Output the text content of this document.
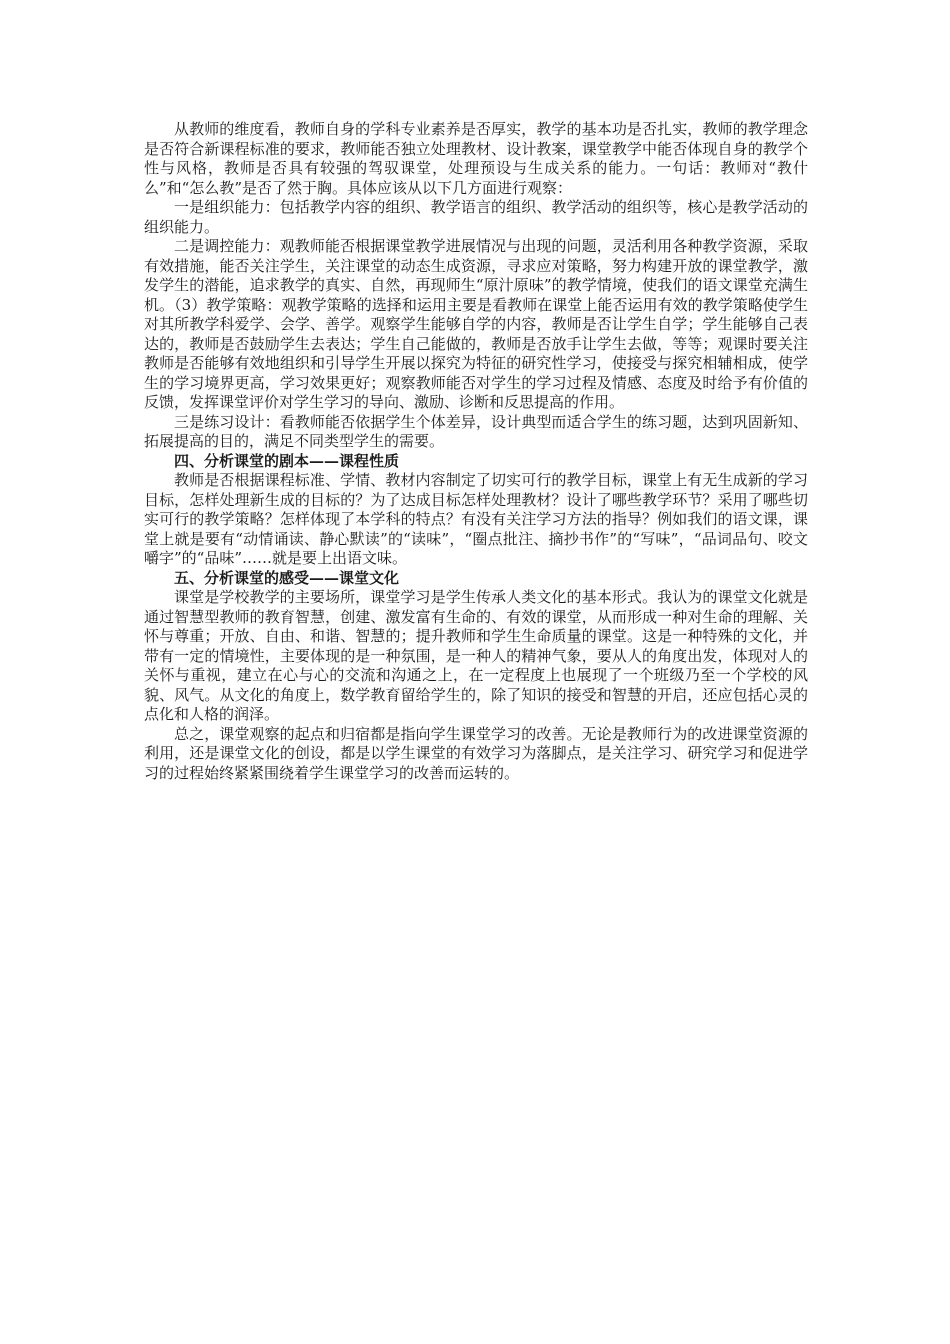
从教师的维度看，教师自身的学科专业素养是否厚实，教学的基本功是否扎实，教师的教学理念是否符合新课程标准的要求，教师能否独立处理教材、设计教案，课堂教学中能否体现自身的教学个性与风格，教师是否具有较强的驾驭课堂，处理预设与生成关系的能力。一句话：教师对“教什么”和“怎么教”是否了然于胸。具体应该从以下几方面进行观察：

一是组织能力：包括教学内容的组织、教学语言的组织、教学活动的组织等，核心是教学活动的组织能力。

二是调控能力：观教师能否根据课堂教学进展情况与出现的问题，灵活利用各种教学资源，采取有效措施，能否关注学生，关注课堂的动态生成资源，寻求应对策略，努力构建开放的课堂教学，激发学生的潜能，追求教学的真实、自然，再现师生“原汁原味”的教学情境，使我们的语文课堂充满生机。（3）教学策略：观教学策略的选择和运用主要是看教师在课堂上能否运用有效的教学策略使学生对其所教学科爱学、会学、善学。观察学生能够自学的内容，教师是否让学生自学；学生能够自己表达的，教师是否鼓励学生去表达；学生自己能做的，教师是否放手让学生去做，等等；观课时要关注教师是否能够有效地组织和引导学生开展以探究为特征的研究性学习，使接受与探究相辅相成，使学生的学习境界更高，学习效果更好；观察教师能否对学生的学习过程及情感、态度及时给予有价值的反馈，发挥课堂评价对学生学习的导向、激励、诊断和反思提高的作用。

三是练习设计：看教师能否依据学生个体差异，设计典型而适合学生的练习题，达到巩固新知、拓展提高的目的，满足不同类型学生的需要。

四、分析课堂的剧本——课程性质

教师是否根据课程标准、学情、教材内容制定了切实可行的教学目标，课堂上有无生成新的学习目标，怎样处理新生成的目标的？为了达成目标怎样处理教材？设计了哪些教学环节？采用了哪些切实可行的教学策略？怎样体现了本学科的特点？有没有关注学习方法的指导？例如我们的语文课，课堂上就是要有“动情诵读、静心默读”的“读味”，“圈点批注、摘抄书作”的“写味”，“品词品句、咬文嚼字”的“品味”……就是要上出语文味。

五、分析课堂的感受——课堂文化

课堂是学校教学的主要场所，课堂学习是学生传承人类文化的基本形式。我认为的课堂文化就是通过智慧型教师的教育智慧，创建、激发富有生命的、有效的课堂，从而形成一种对生命的理解、关怀与尊重；开放、自由、和谐、智慧的；提升教师和学生生命质量的课堂。这是一种特殊的文化，并带有一定的情境性，主要体现的是一种氛围，是一种人的精神气象，要从人的角度出发，体现对人的关怀与重视，建立在心与心的交流和沟通之上，在一定程度上也展现了一个班级乃至一个学校的风貌、风气。从文化的角度上，数学教育留给学生的，除了知识的接受和智慧的开启，还应包括心灵的点化和人格的润泽。

总之，课堂观察的起点和归宿都是指向学生课堂学习的改善。无论是教师行为的改进课堂资源的利用，还是课堂文化的创设，都是以学生课堂的有效学习为落脚点，是关注学习、研究学习和促进学习的过程始终紧紧围绕着学生课堂学习的改善而运转的。
